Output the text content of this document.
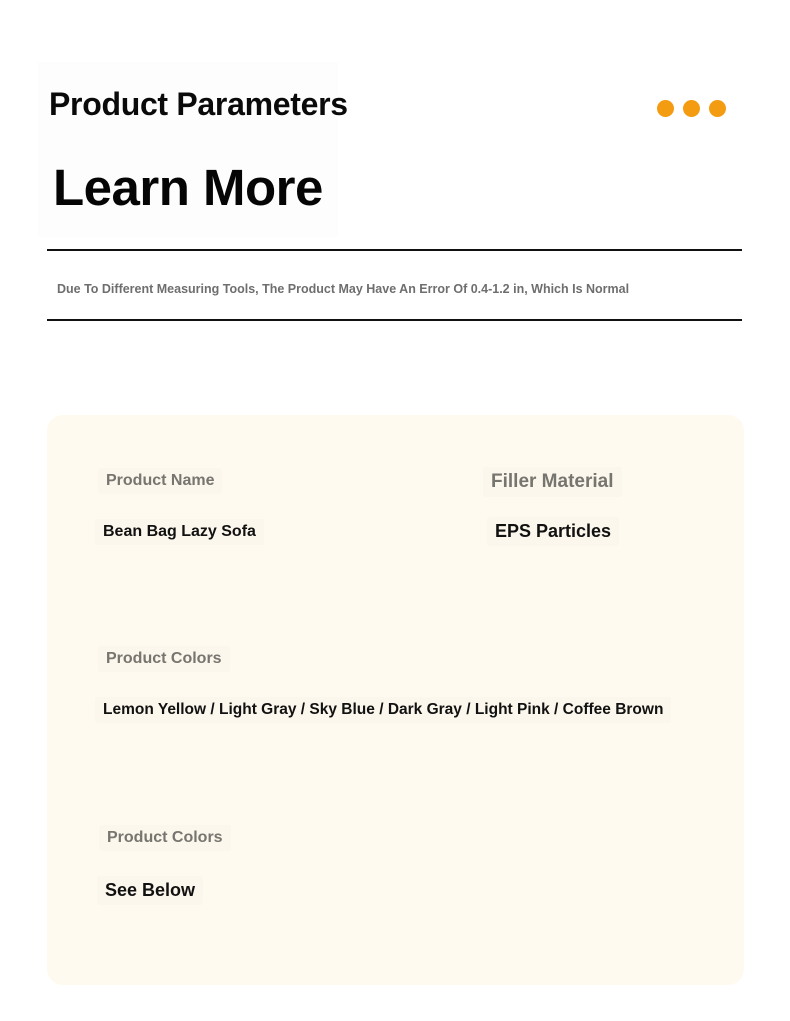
Product Parameters
Learn More

Due To Different Measuring Tools, The Product May Have An Error Of 0.4-1.2 in, Which Is Normal

Product Name
Bean Bag Lazy Sofa
Filler Material
EPS Particles
Product Colors
Lemon Yellow / Light Gray / Sky Blue / Dark Gray / Light Pink / Coffee Brown
Product Colors
See Below
